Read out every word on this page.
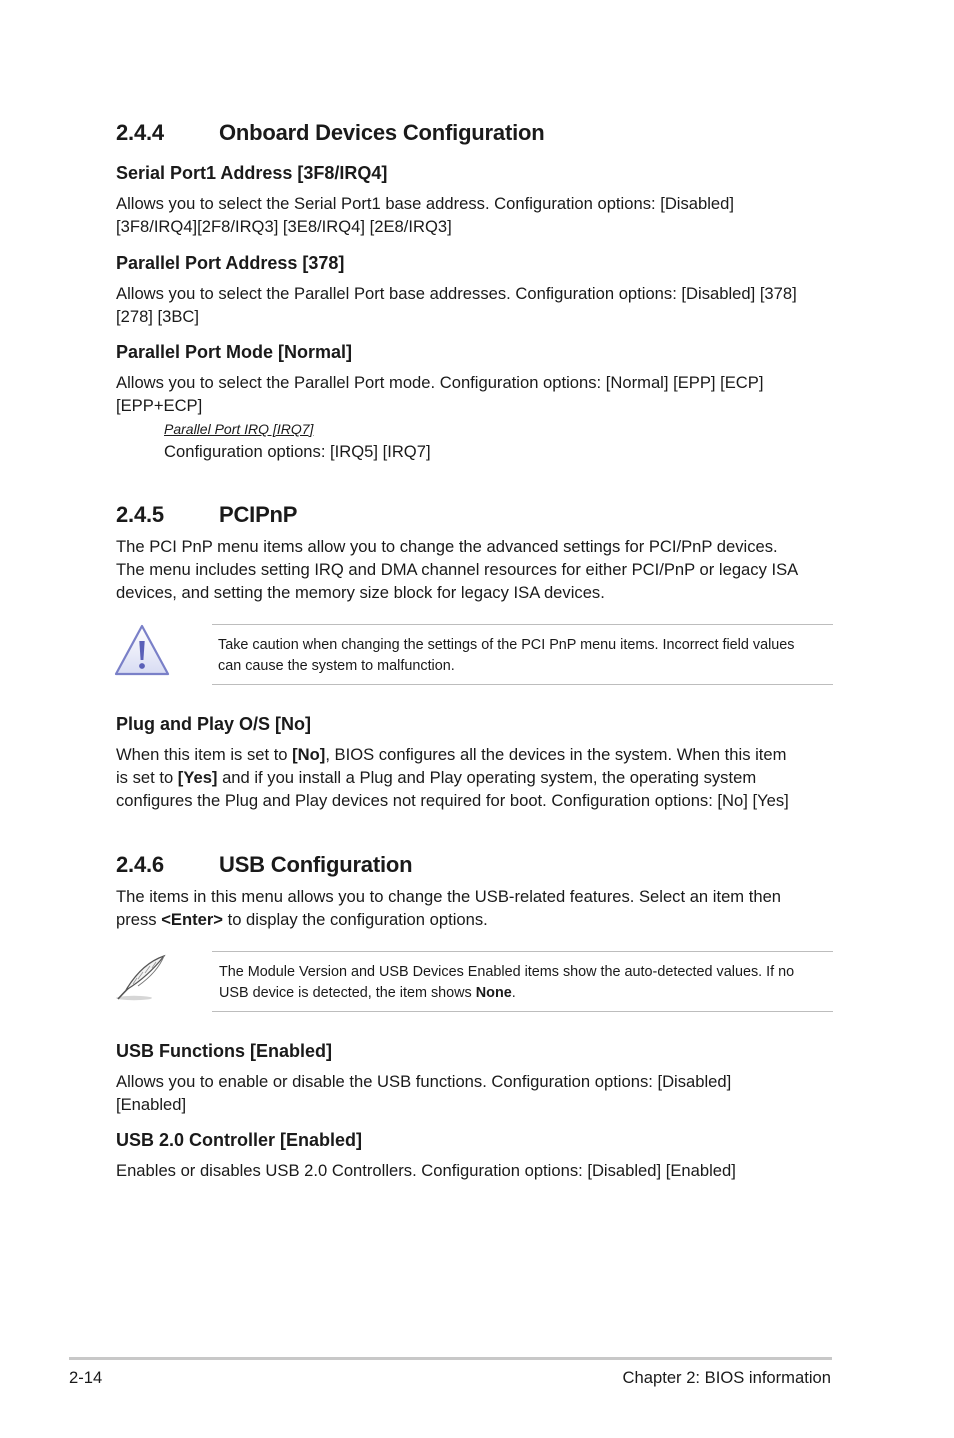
2.4.4	Onboard Devices Configuration
Serial Port1 Address [3F8/IRQ4]
Allows you to select the Serial Port1 base address. Configuration options: [Disabled]
[3F8/IRQ4][2F8/IRQ3] [3E8/IRQ4] [2E8/IRQ3]
Parallel Port Address [378]
Allows you to select the Parallel Port base addresses. Configuration options: [Disabled] [378]
[278] [3BC]
Parallel Port Mode [Normal]
Allows you to select the Parallel Port mode. Configuration options: [Normal] [EPP] [ECP]
[EPP+ECP]
Parallel Port IRQ [IRQ7]
Configuration options: [IRQ5] [IRQ7]
2.4.5	PCIPnP
The PCI PnP menu items allow you to change the advanced settings for PCI/PnP devices.
The menu includes setting IRQ and DMA channel resources for either PCI/PnP or legacy ISA
devices, and setting the memory size block for legacy ISA devices.
Take caution when changing the settings of the PCI PnP menu items. Incorrect field values
can cause the system to malfunction.
Plug and Play O/S [No]
When this item is set to [No], BIOS configures all the devices in the system. When this item
is set to [Yes] and if you install a Plug and Play operating system, the operating system
configures the Plug and Play devices not required for boot. Configuration options: [No] [Yes]
2.4.6	USB Configuration
The items in this menu allows you to change the USB-related features. Select an item then
press <Enter> to display the configuration options.
The Module Version and USB Devices Enabled items show the auto-detected values. If no
USB device is detected, the item shows None.
USB Functions [Enabled]
Allows you to enable or disable the USB functions. Configuration options: [Disabled]
[Enabled]
USB 2.0 Controller [Enabled]
Enables or disables USB 2.0 Controllers. Configuration options: [Disabled] [Enabled]
2-14	Chapter 2: BIOS information
